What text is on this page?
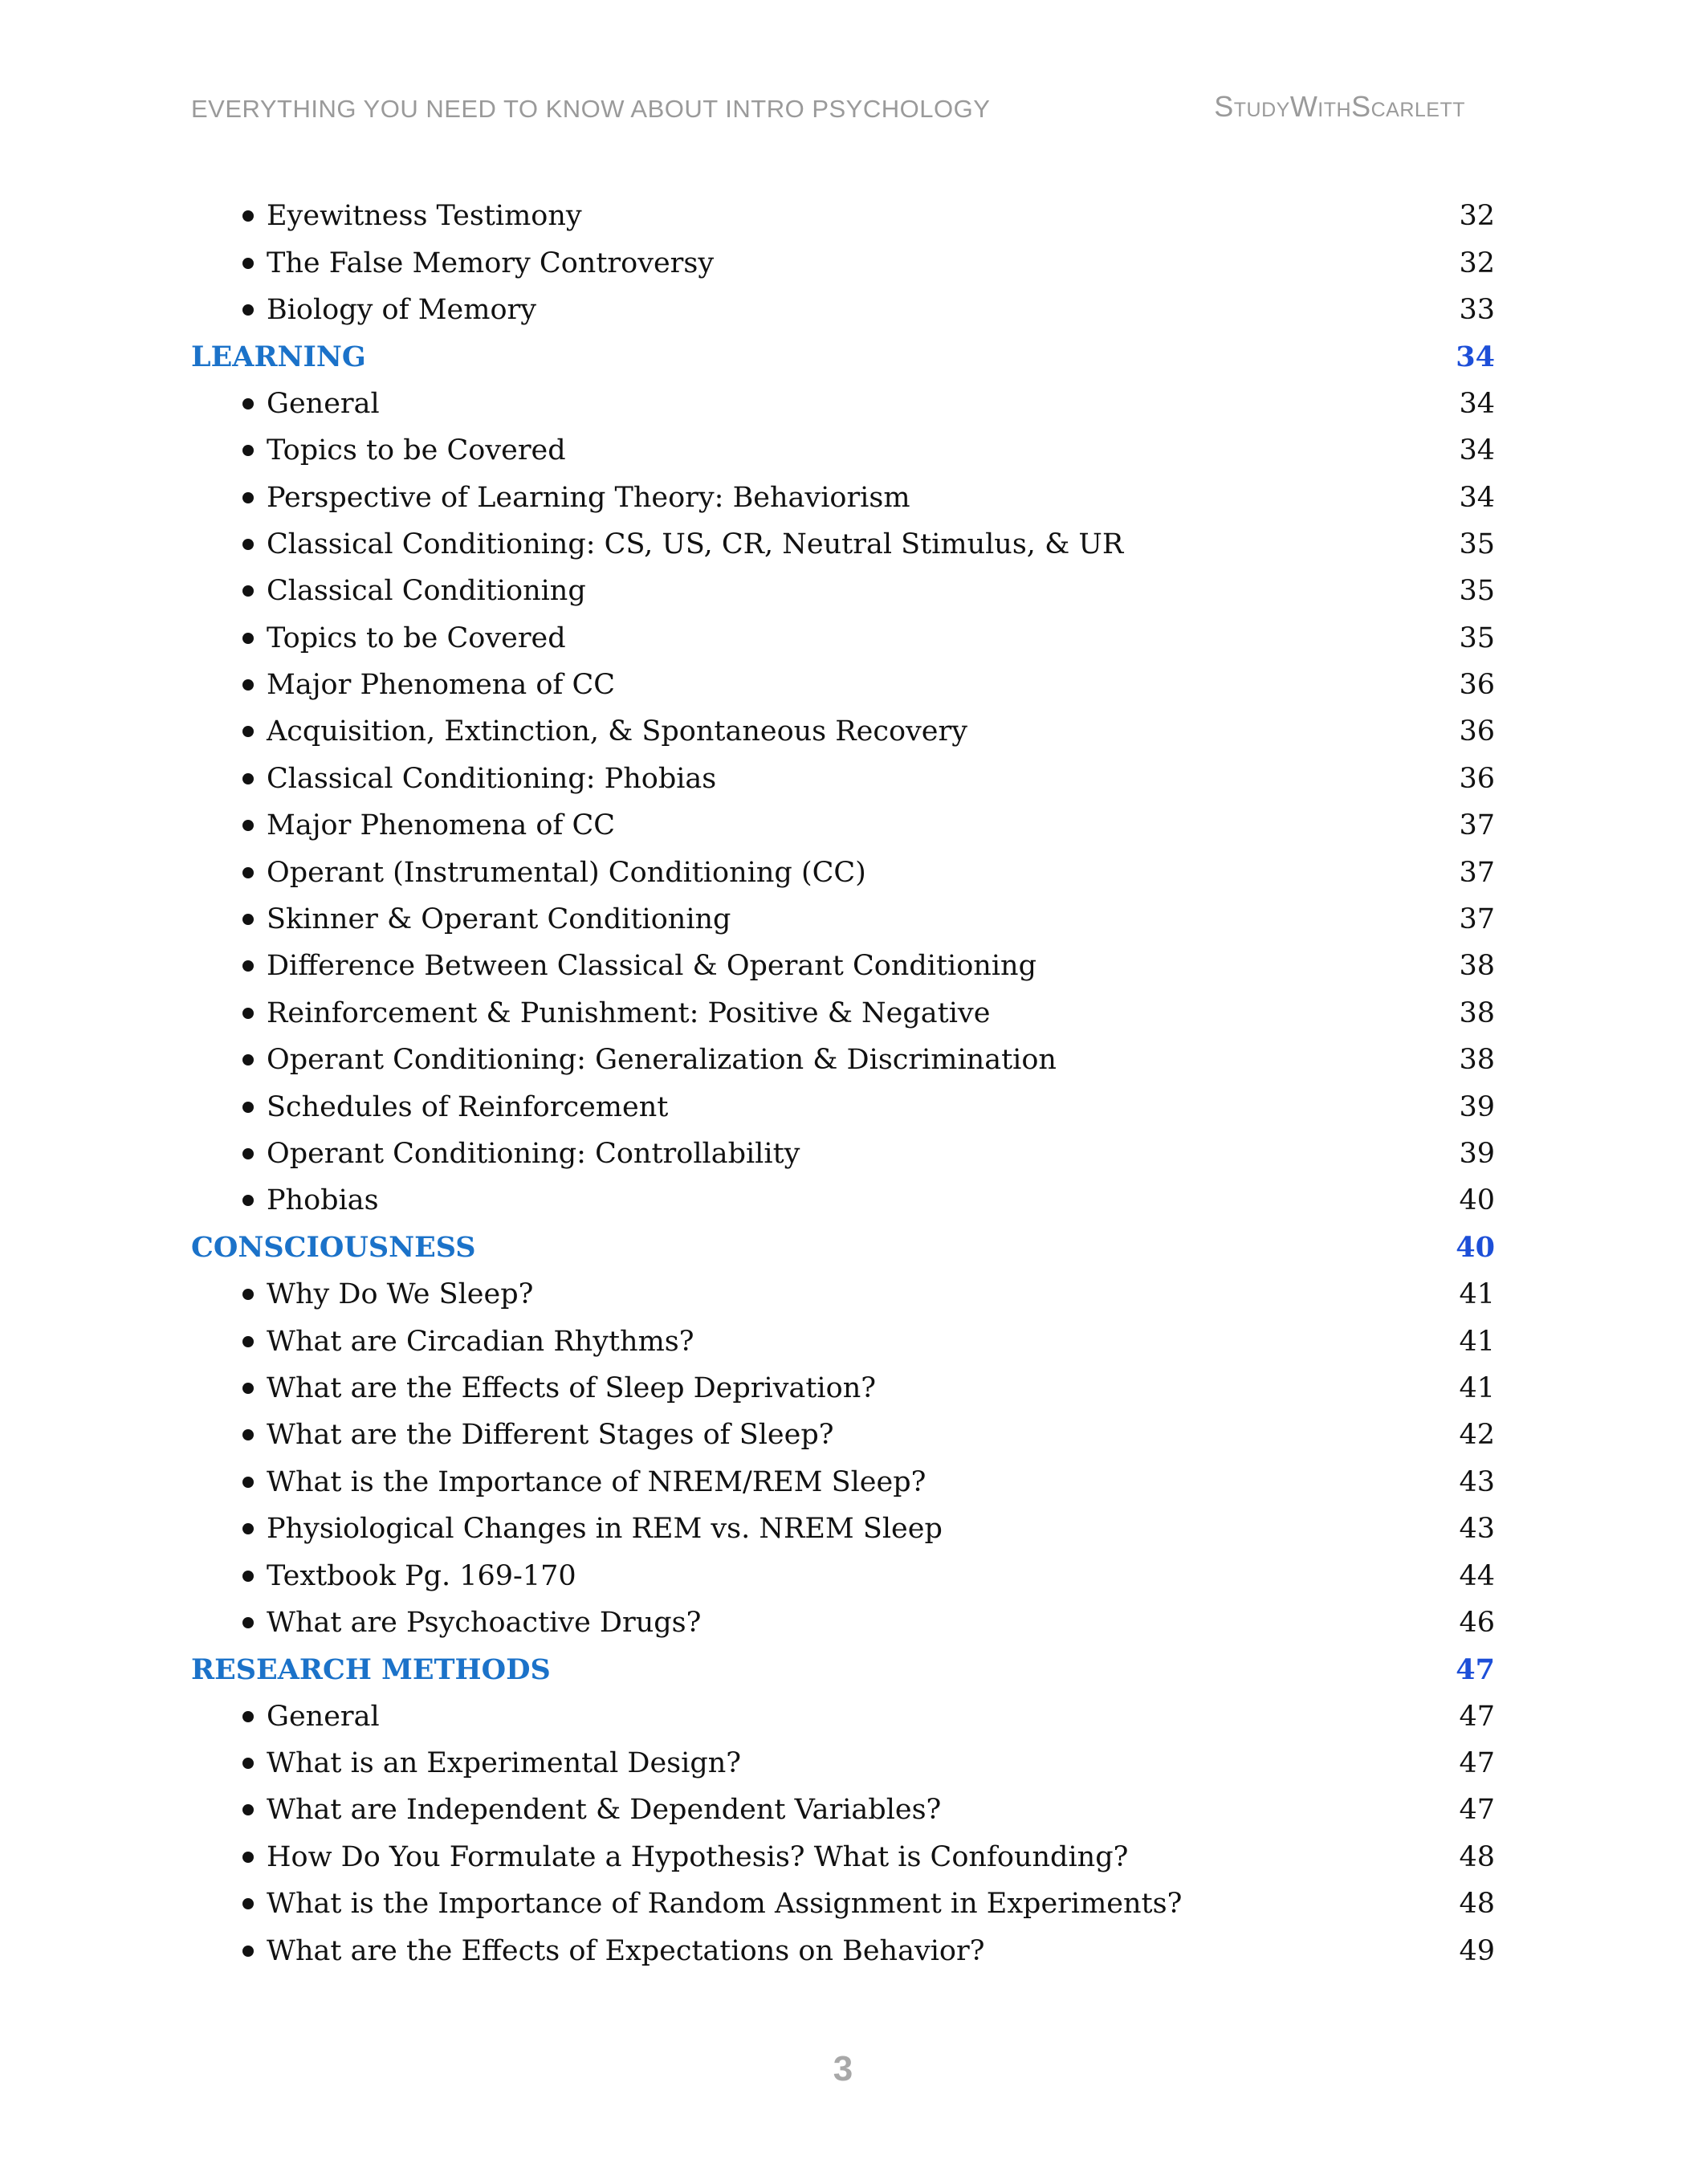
EVERYTHING YOU NEED TO KNOW ABOUT INTRO PSYCHOLOGY	StudyWithScarlett
Eyewitness Testimony	32
The False Memory Controversy	32
Biology of Memory	33
LEARNING	34
General	34
Topics to be Covered	34
Perspective of Learning Theory: Behaviorism	34
Classical Conditioning: CS, US, CR, Neutral Stimulus, & UR	35
Classical Conditioning	35
Topics to be Covered	35
Major Phenomena of CC	36
Acquisition, Extinction, & Spontaneous Recovery	36
Classical Conditioning: Phobias	36
Major Phenomena of CC	37
Operant (Instrumental) Conditioning (CC)	37
Skinner & Operant Conditioning	37
Difference Between Classical & Operant Conditioning	38
Reinforcement & Punishment: Positive & Negative	38
Operant Conditioning: Generalization & Discrimination	38
Schedules of Reinforcement	39
Operant Conditioning: Controllability	39
Phobias	40
CONSCIOUSNESS	40
Why Do We Sleep?	41
What are Circadian Rhythms?	41
What are the Effects of Sleep Deprivation?	41
What are the Different Stages of Sleep?	42
What is the Importance of NREM/REM Sleep?	43
Physiological Changes in REM vs. NREM Sleep	43
Textbook Pg. 169-170	44
What are Psychoactive Drugs?	46
RESEARCH METHODS	47
General	47
What is an Experimental Design?	47
What are Independent & Dependent Variables?	47
How Do You Formulate a Hypothesis? What is Confounding?	48
What is the Importance of Random Assignment in Experiments?	48
What are the Effects of Expectations on Behavior?	49
3
